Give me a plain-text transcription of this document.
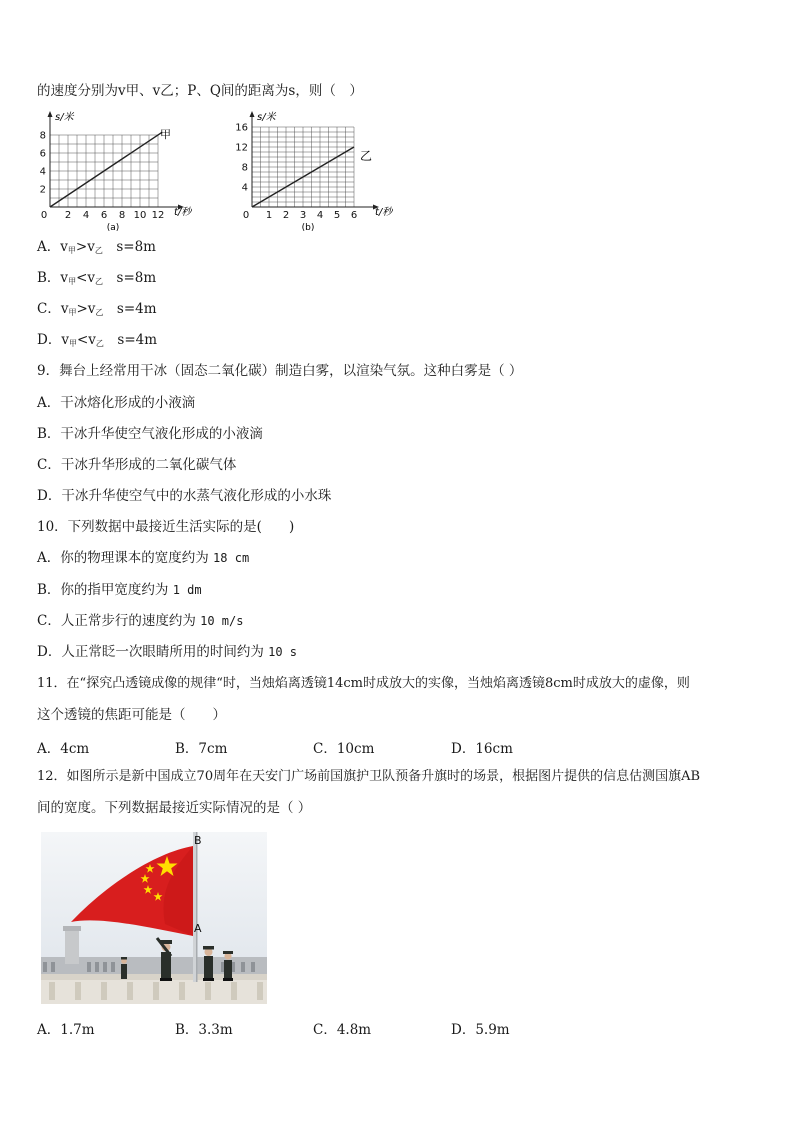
的速度分别为v甲、v乙；P、Q间的距离为s，则（　）
0 2 4 6 8 10 12
2
4
6
8
s/米
t/秒
甲
(a)
0 1 2 3 4 5 6
4
8
12
16
s/米
t/秒
乙
(b)
A．$v_甲>v_乙$　s=8m
B．$v_甲<v_乙$　s=8m
C．$v_甲>v_乙$　s=4m
D．$v_甲<v_乙$　s=4m
9．舞台上经常用干冰（固态二氧化碳）制造白雾，以渲染气氛。这种白雾是（ ）
A．干冰熔化形成的小液滴
B．干冰升华使空气液化形成的小液滴
C．干冰升华形成的二氧化碳气体
D．干冰升华使空气中的水蒸气液化形成的小水珠
10．下列数据中最接近生活实际的是(　　)
A．你的物理课本的宽度约为 18 cm
B．你的指甲宽度约为 1 dm
C．人正常步行的速度约为 10 m/s
D．人正常眨一次眼睛所用的时间约为 10 s
11．在“探究凸透镜成像的规律“时，当烛焰离透镜14cm时成放大的实像，当烛焰离透镜8cm时成放大的虚像，则
这个透镜的焦距可能是（　　）
A．4cm	B．7cm	C．10cm	D．16cm
12．如图所示是新中国成立70周年在天安门广场前国旗护卫队预备升旗时的场景，根据图片提供的信息估测国旗AB
间的宽度。下列数据最接近实际情况的是（ ）
B
A
A．1.7m	B．3.3m	C．4.8m	D．5.9m
